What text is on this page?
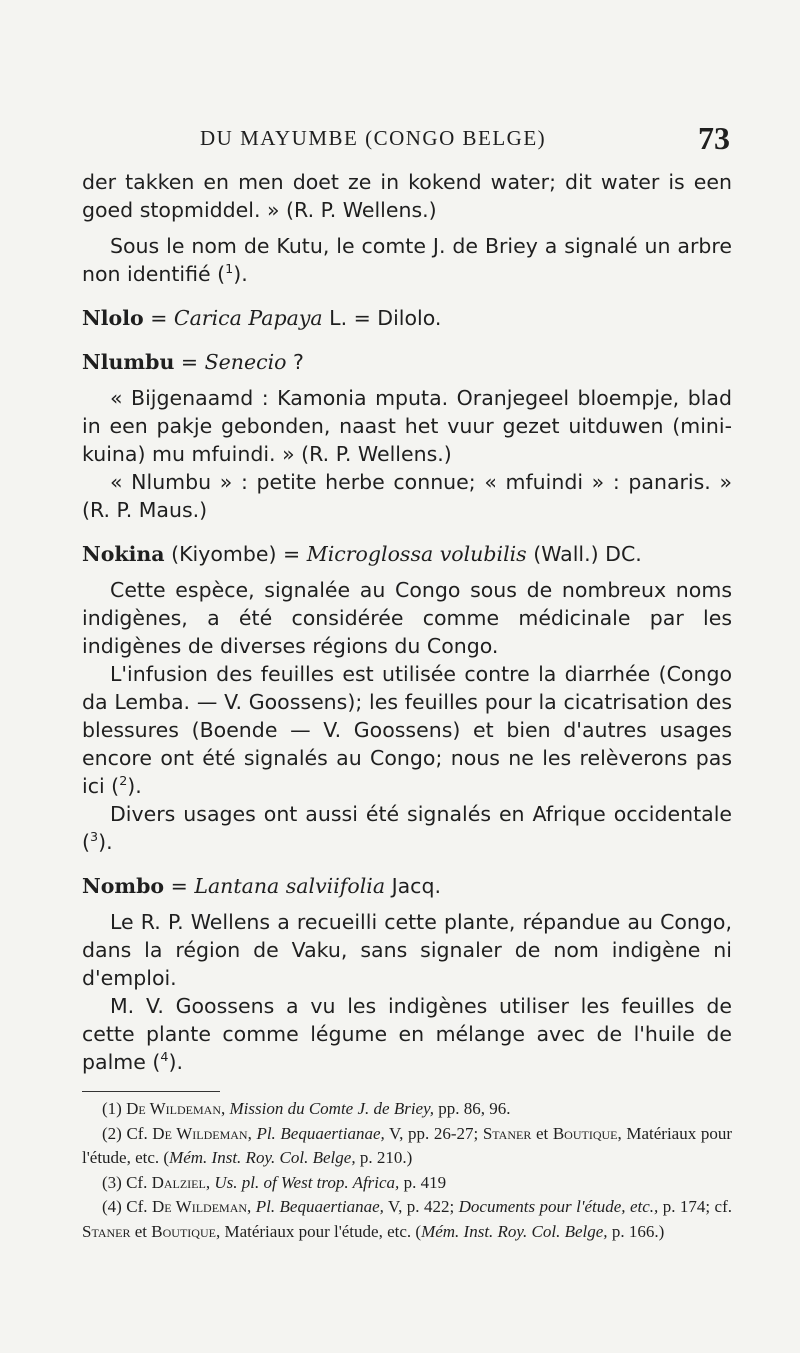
DU MAYUMBE (CONGO BELGE)	73

der takken en men doet ze in kokend water; dit water is een goed stopmiddel. » (R. P. Wellens.)

Sous le nom de Kutu, le comte J. de Briey a signalé un arbre non identifié ($^1$).

Nlolo = Carica Papaya L. = Dilolo.

Nlumbu = Senecio ?

« Bijgenaamd : Kamonia mputa. Oranjegeel bloempje, blad in een pakje gebonden, naast het vuur gezet uitduwen (mini-kuina) mu mfuindi. » (R. P. Wellens.)

« Nlumbu » : petite herbe connue; « mfuindi » : panaris. » (R. P. Maus.)

Nokina (Kiyombe) = Microglossa volubilis (Wall.) DC.

Cette espèce, signalée au Congo sous de nombreux noms indigènes, a été considérée comme médicinale par les indigènes de diverses régions du Congo.

L'infusion des feuilles est utilisée contre la diarrhée (Congo da Lemba. — V. Goossens); les feuilles pour la cicatrisation des blessures (Boende — V. Goossens) et bien d'autres usages encore ont été signalés au Congo; nous ne les relèverons pas ici ($^2$).

Divers usages ont aussi été signalés en Afrique occidentale ($^3$).

Nombo = Lantana salviifolia Jacq.

Le R. P. Wellens a recueilli cette plante, répandue au Congo, dans la région de Vaku, sans signaler de nom indigène ni d'emploi.

M. V. Goossens a vu les indigènes utiliser les feuilles de cette plante comme légume en mélange avec de l'huile de palme ($^4$).

(1) De Wildeman, Mission du Comte J. de Briey, pp. 86, 96.

(2) Cf. De Wildeman, Pl. Bequaertianae, V, pp. 26-27; Staner et Boutique, Matériaux pour l'étude, etc. (Mém. Inst. Roy. Col. Belge, p. 210.)

(3) Cf. Dalziel, Us. pl. of West trop. Africa, p. 419

(4) Cf. De Wildeman, Pl. Bequaertianae, V, p. 422; Documents pour l'étude, etc., p. 174; cf. Staner et Boutique, Matériaux pour l'étude, etc. (Mém. Inst. Roy. Col. Belge, p. 166.)
